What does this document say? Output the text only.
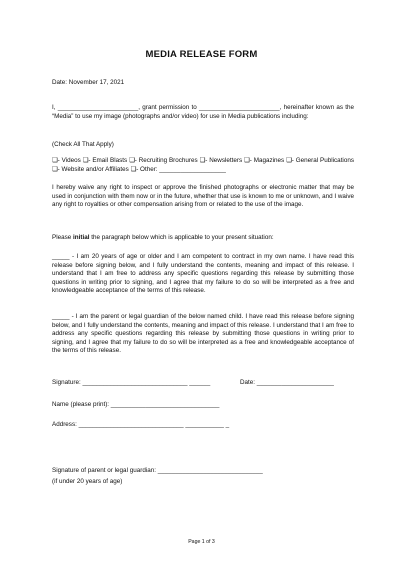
MEDIA RELEASE FORM
Date: November 17, 2021
I, _______________________, grant permission to _______________________, hereinafter known as the “Media” to use my image (photographs and/or video) for use in Media publications including:
(Check All That Apply)
❏- Videos ❏- Email Blasts ❏- Recruiting Brochures ❏- Newsletters ❏- Magazines ❏- General Publications ❏- Website and/or Affiliates ❏- Other: ___________________
I hereby waive any right to inspect or approve the finished photographs or electronic matter that may be used in conjunction with them now or in the future, whether that use is known to me or unknown, and I waive any right to royalties or other compensation arising from or related to the use of the image.
Please initial the paragraph below which is applicable to your present situation:
_____ - I am 20 years of age or older and I am competent to contract in my own name. I have read this release before signing below, and I fully understand the contents, meaning and impact of this release. I understand that I am free to address any specific questions regarding this release by submitting those questions in writing prior to signing, and I agree that my failure to do so will be interpreted as a free and knowledgeable acceptance of the terms of this release.
_____ - I am the parent or legal guardian of the below named child. I have read this release before signing below, and I fully understand the contents, meaning and impact of this release. I understand that I am free to address any specific questions regarding this release by submitting those questions in writing prior to signing, and I agree that my failure to do so will be interpreted as a free and knowledgeable acceptance of the terms of this release.
Signature: ______________________________ ______	Date: ______________________
Name (please print): _______________________________
Address: ______________________________ ___________ _
Signature of parent or legal guardian: ______________________________
(if under 20 years of age)
Page 1 of 3
